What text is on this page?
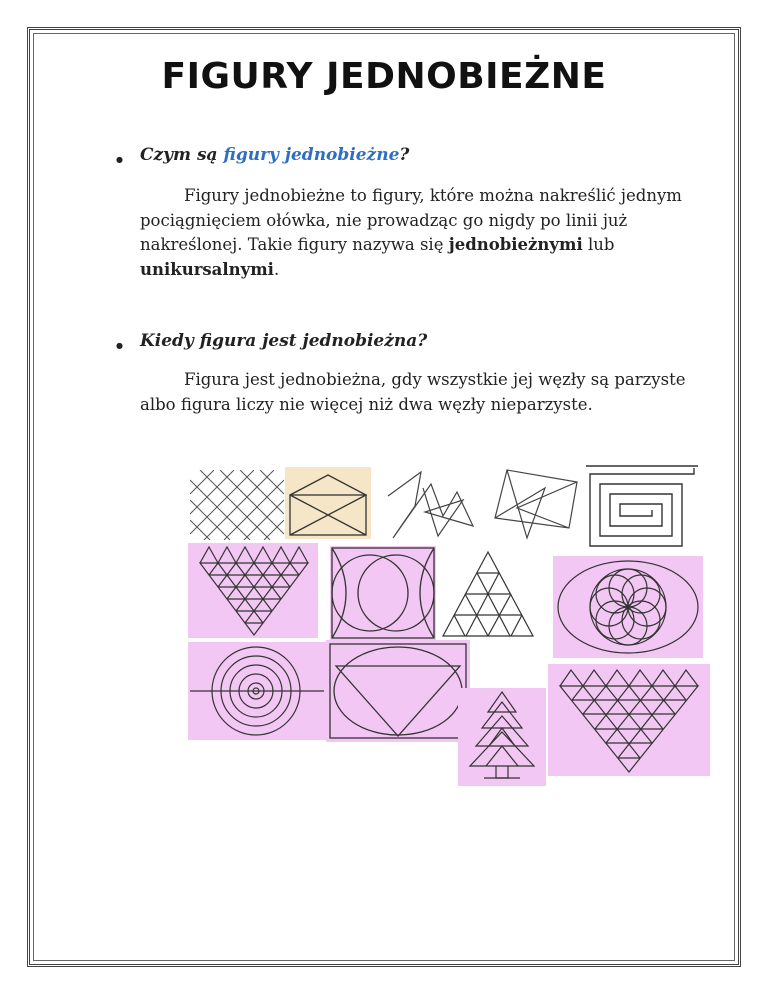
FIGURY JEDNOBIEŻNE
● Czym są figury jednobieżne?
Figury jednobieżne to figury, które można nakreślić jednym pociągnięciem ołówka, nie prowadząc go nigdy po linii już nakreślonej. Takie figury nazywa się jednobieżnymi lub unikursalnymi.
● Kiedy figura jest jednobieżna?
Figura jest jednobieżna, gdy wszystkie jej węzły są parzyste albo figura liczy nie więcej niż dwa węzły nieparzyste.
